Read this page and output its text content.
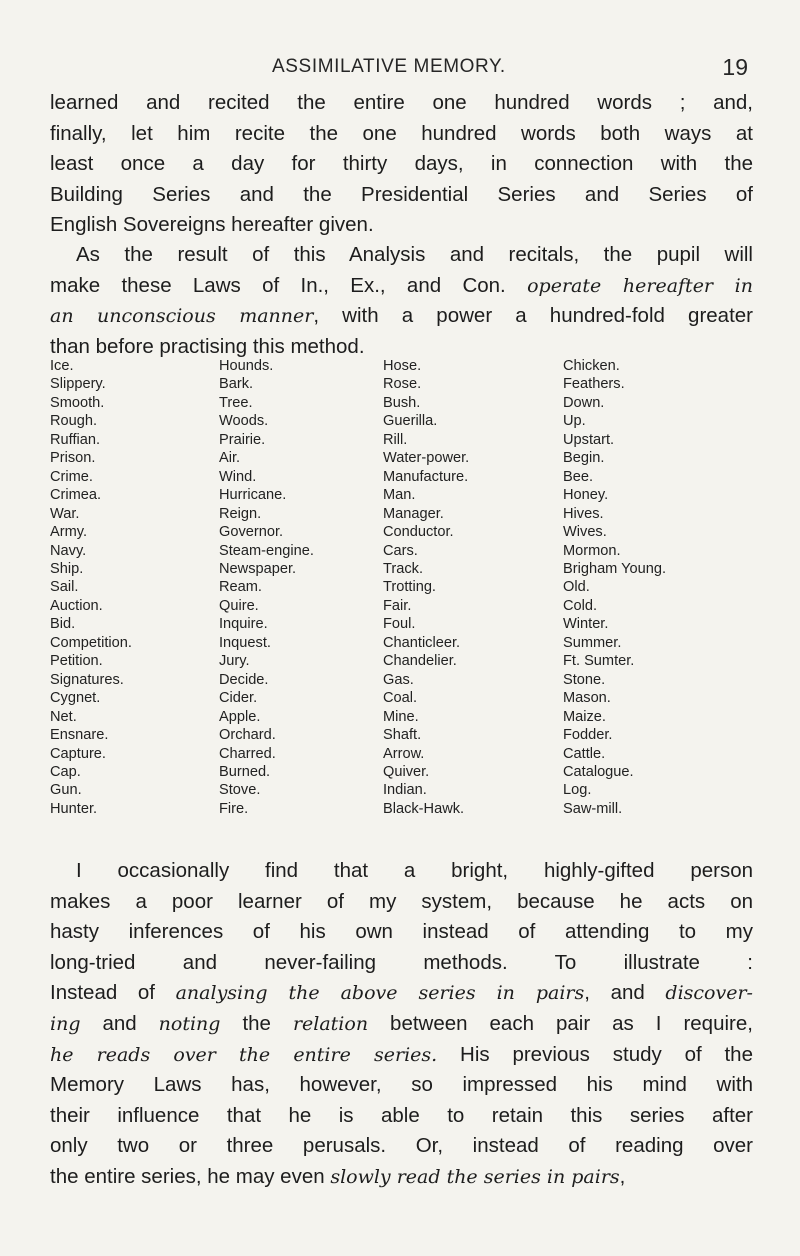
ASSIMILATIVE MEMORY.	19
learned and recited the entire one hundred words ; and,
finally, let him recite the one hundred words both ways at
least once a day for thirty days, in connection with the
Building Series and the Presidential Series and Series of
English Sovereigns hereafter given.
As the result of this Analysis and recitals, the pupil will
make these Laws of In., Ex., and Con. operate hereafter in
an unconscious manner, with a power a hundred-fold greater
than before practising this method.
Ice.	Hounds.	Hose.	Chicken.
Slippery.	Bark.	Rose.	Feathers.
Smooth.	Tree.	Bush.	Down.
Rough.	Woods.	Guerilla.	Up.
Ruffian.	Prairie.	Rill.	Upstart.
Prison.	Air.	Water-power.	Begin.
Crime.	Wind.	Manufacture.	Bee.
Crimea.	Hurricane.	Man.	Honey.
War.	Reign.	Manager.	Hives.
Army.	Governor.	Conductor.	Wives.
Navy.	Steam-engine.	Cars.	Mormon.
Ship.	Newspaper.	Track.	Brigham Young.
Sail.	Ream.	Trotting.	Old.
Auction.	Quire.	Fair.	Cold.
Bid.	Inquire.	Foul.	Winter.
Competition.	Inquest.	Chanticleer.	Summer.
Petition.	Jury.	Chandelier.	Ft. Sumter.
Signatures.	Decide.	Gas.	Stone.
Cygnet.	Cider.	Coal.	Mason.
Net.	Apple.	Mine.	Maize.
Ensnare.	Orchard.	Shaft.	Fodder.
Capture.	Charred.	Arrow.	Cattle.
Cap.	Burned.	Quiver.	Catalogue.
Gun.	Stove.	Indian.	Log.
Hunter.	Fire.	Black-Hawk.	Saw-mill.
I occasionally find that a bright, highly-gifted person
makes a poor learner of my system, because he acts on
hasty inferences of his own instead of attending to my
long-tried and never-failing methods. To illustrate :
Instead of analysing the above series in pairs, and discover-
ing and noting the relation between each pair as I require,
he reads over the entire series. His previous study of the
Memory Laws has, however, so impressed his mind with
their influence that he is able to retain this series after
only two or three perusals. Or, instead of reading over
the entire series, he may even slowly read the series in pairs,
